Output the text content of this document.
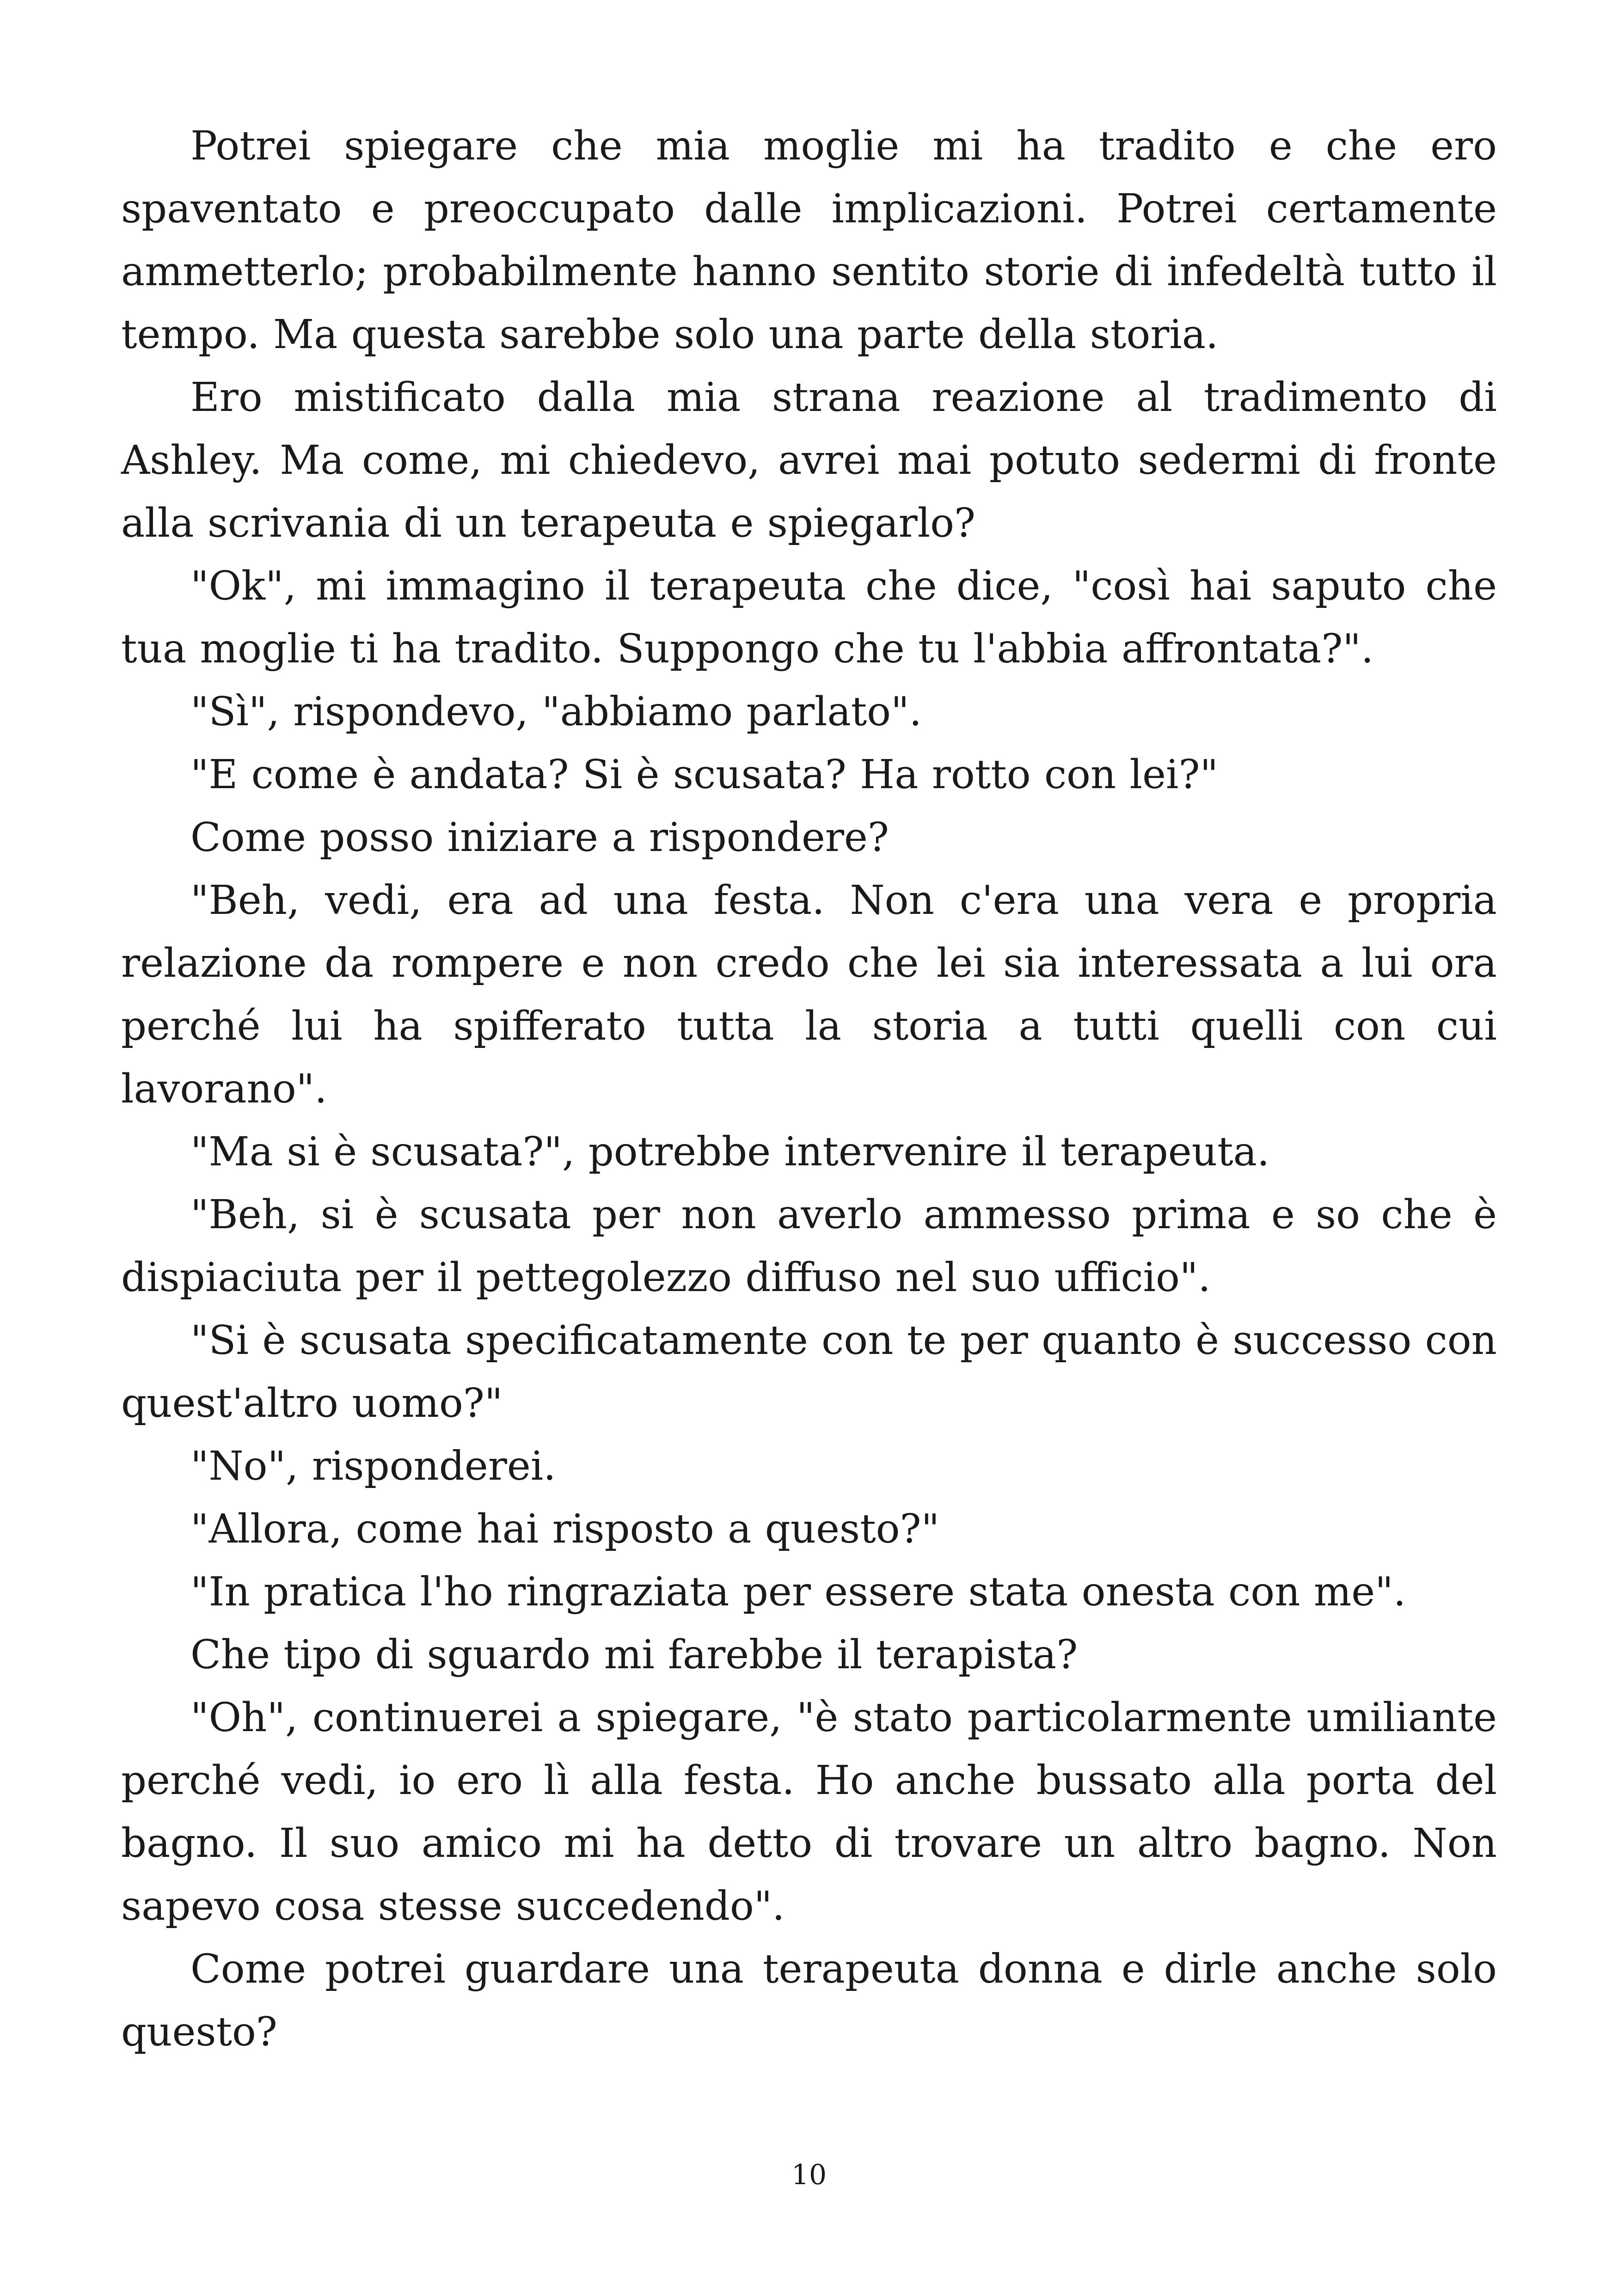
Potrei spiegare che mia moglie mi ha tradito e che ero spaventato e preoccupato dalle implicazioni. Potrei certamente ammetterlo; probabilmente hanno sentito storie di infedeltà tutto il tempo. Ma questa sarebbe solo una parte della storia.

Ero mistificato dalla mia strana reazione al tradimento di Ashley. Ma come, mi chiedevo, avrei mai potuto sedermi di fronte alla scrivania di un terapeuta e spiegarlo?

"Ok", mi immagino il terapeuta che dice, "così hai saputo che tua moglie ti ha tradito. Suppongo che tu l'abbia affrontata?".

"Sì", rispondevo, "abbiamo parlato".

"E come è andata? Si è scusata? Ha rotto con lei?"

Come posso iniziare a rispondere?

"Beh, vedi, era ad una festa. Non c'era una vera e propria relazione da rompere e non credo che lei sia interessata a lui ora perché lui ha spifferato tutta la storia a tutti quelli con cui lavorano".

"Ma si è scusata?", potrebbe intervenire il terapeuta.

"Beh, si è scusata per non averlo ammesso prima e so che è dispiaciuta per il pettegolezzo diffuso nel suo ufficio".

"Si è scusata specificatamente con te per quanto è successo con quest'altro uomo?"

"No", risponderei.

"Allora, come hai risposto a questo?"

"In pratica l'ho ringraziata per essere stata onesta con me".

Che tipo di sguardo mi farebbe il terapista?

"Oh", continuerei a spiegare, "è stato particolarmente umiliante perché vedi, io ero lì alla festa. Ho anche bussato alla porta del bagno. Il suo amico mi ha detto di trovare un altro bagno. Non sapevo cosa stesse succedendo".

Come potrei guardare una terapeuta donna e dirle anche solo questo?

10
